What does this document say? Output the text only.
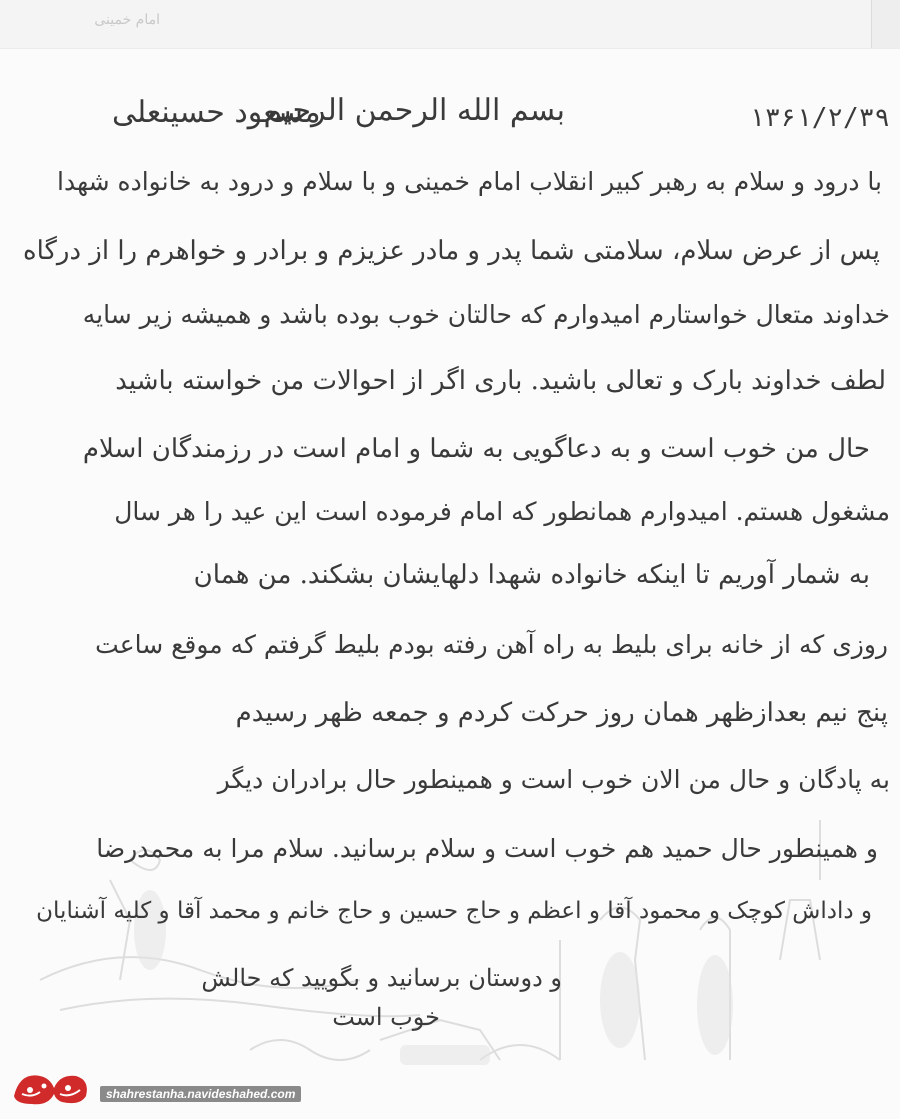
امام خمینی
۱۳۶۱/۲/۳۹
بسم الله الرحمن الرحیم
مسعود حسینعلی
با درود و سلام به رهبر کبیر انقلاب امام خمینی و با سلام و درود به خانواده شهدا
پس از عرض سلام، سلامتی شما پدر و مادر عزیزم و برادر و خواهرم را از درگاه
خداوند متعال خواستارم امیدوارم که حالتان خوب بوده باشد و همیشه زیر سایه
لطف خداوند بارک و تعالی باشید. باری اگر از احوالات من خواسته باشید
حال من خوب است و به دعاگویی به شما و امام است در رزمندگان اسلام
مشغول هستم. امیدوارم همانطور که امام فرموده است این عید را هر سال
به شمار آوریم تا اینکه خانواده شهدا دلهایشان بشکند. من همان
روزی که از خانه برای بلیط به راه آهن رفته بودم بلیط گرفتم که موقع ساعت
پنج نیم بعدازظهر همان روز حرکت کردم و جمعه ظهر رسیدم
به پادگان و حال من الان خوب است و همینطور حال برادران دیگر
و همینطور حال حمید هم خوب است و سلام برسانید. سلام مرا به محمدرضا
و داداش کوچک و محمود آقا و اعظم و حاج حسین و حاج خانم و محمد آقا و کلیه آشنایان
و دوستان برسانید و بگویید که حالش
خوب است
shahrestanha.navideshahed.com
